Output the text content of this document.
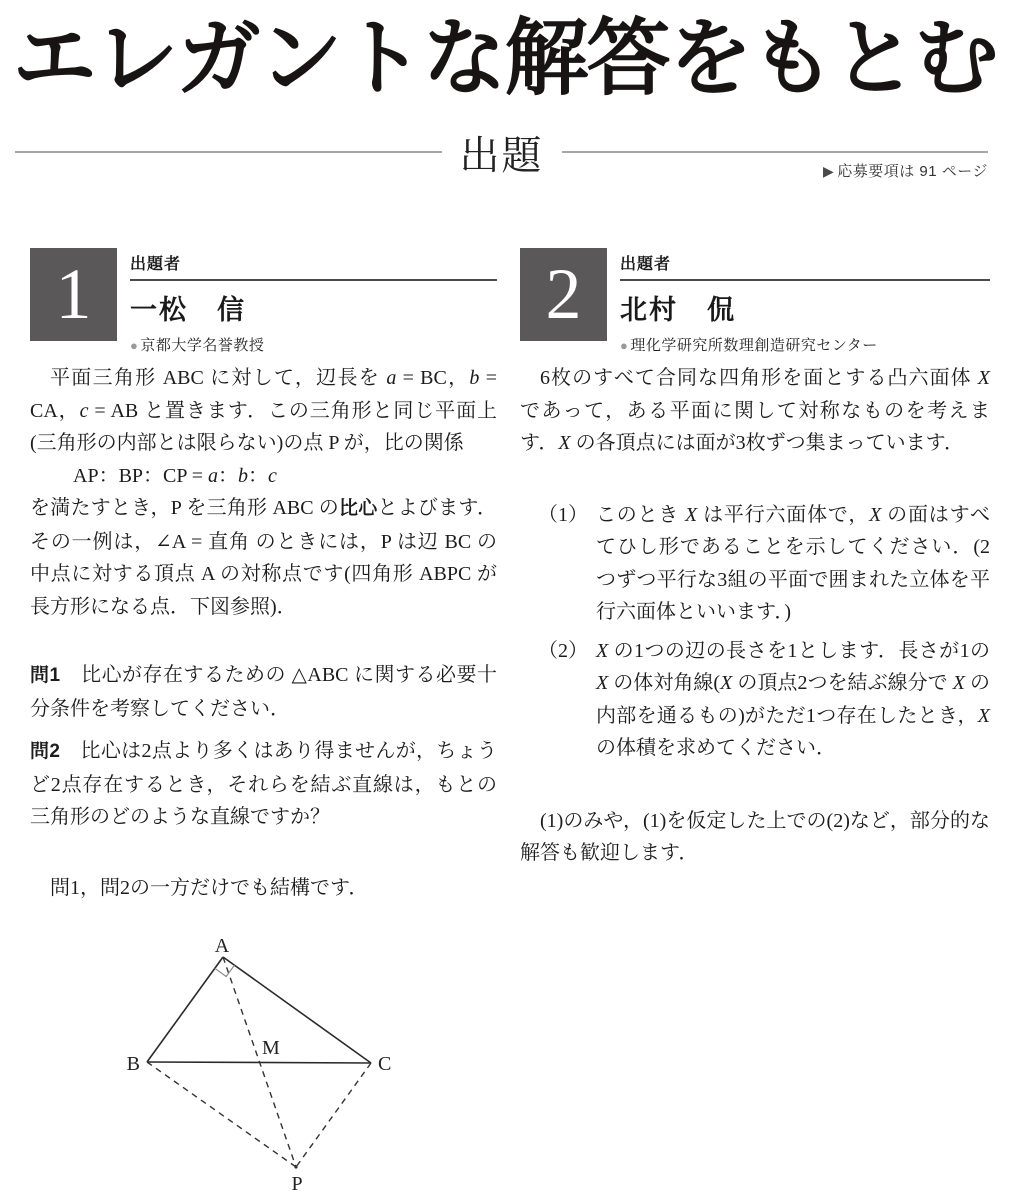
エレガントな解答をもとむ
出題	▶ 応募要項は 91 ページ
1	出題者
一松　信
● 京都大学名誉教授

平面三角形 ABC に対して，辺長を a = BC，b = CA，c = AB と置きます．この三角形と同じ平面上(三角形の内部とは限らない)の点 P が，比の関係

AP：BP：CP = a：b：c

を満たすとき，P を三角形 ABC の比心とよびます．その一例は，∠A = 直角 のときには，P は辺 BC の中点に対する頂点 A の対称点です(四角形 ABPC が長方形になる点．下図参照)．

問1　比心が存在するための △ABC に関する必要十分条件を考察してください．

問2　比心は2点より多くはあり得ませんが，ちょうど2点存在するとき，それらを結ぶ直線は，もとの三角形のどのような直線ですか？

問1，問2の一方だけでも結構です．

2	出題者
北村　侃
● 理化学研究所数理創造研究センター

6枚のすべて合同な四角形を面とする凸六面体 X であって，ある平面に関して対称なものを考えます．X の各頂点には面が3枚ずつ集まっています．

（1） このとき X は平行六面体で，X の面はすべてひし形であることを示してください．(2つずつ平行な3組の平面で囲まれた立体を平行六面体といいます．)
（2） X の1つの辺の長さを1とします．長さが1の X の体対角線(X の頂点2つを結ぶ線分で X の内部を通るもの)がただ1つ存在したとき，X の体積を求めてください．

(1)のみや，(1)を仮定した上での(2)など，部分的な解答も歓迎します．

A
B	C
M
P
